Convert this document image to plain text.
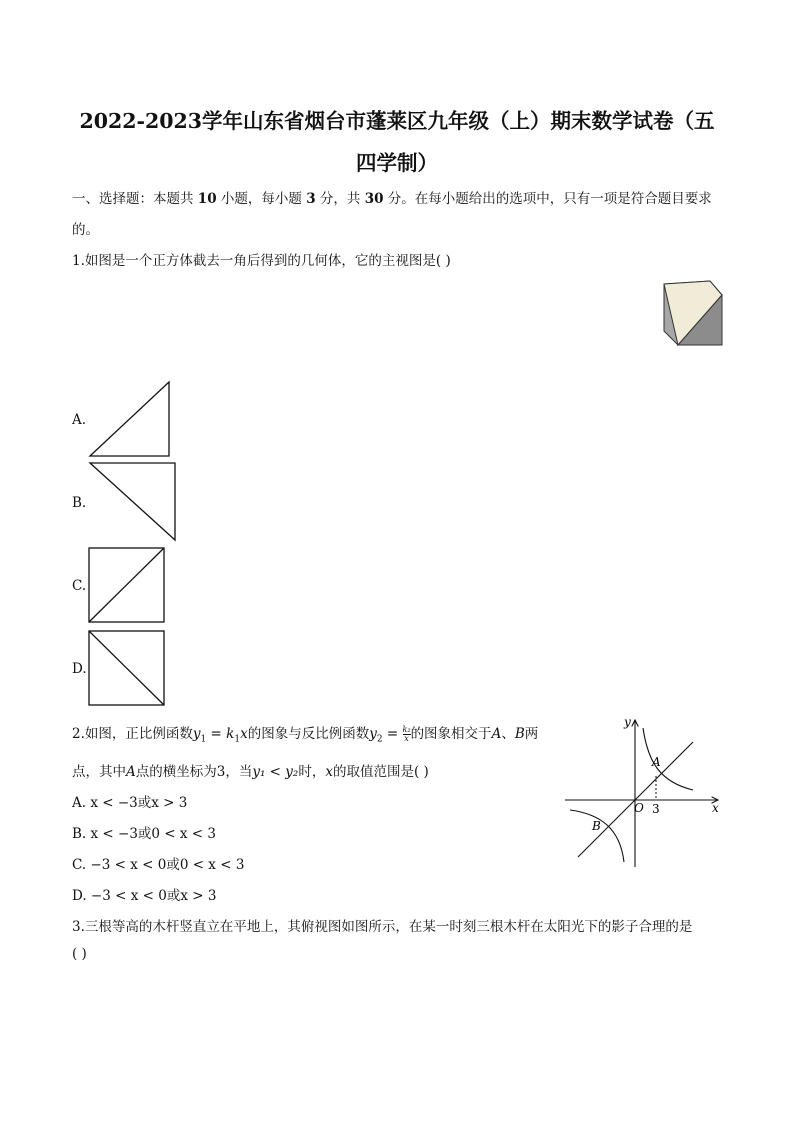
2022-2023学年山东省烟台市蓬莱区九年级（上）期末数学试卷（五
四学制）
一、选择题：本题共 10 小题，每小题 3 分，共 30 分。在每小题给出的选项中，只有一项是符合题目要求
的。
1.如图是一个正方体截去一角后得到的几何体，它的主视图是( )
A.
B.
C.
D.
2.如图，正比例函数$y_1 = k_1x$的图象与反比例函数$y_2 = \frac{\text{k₂}}{x}$ 的图象相交于A、B两
点，其中A点的横坐标为3，当y₁ < y₂时，x的取值范围是( )
A. x < −3或x > 3
B. x < −3或0 < x < 3
C. −3 < x < 0或0 < x < 3
D. −3 < x < 0或x > 3
y
x
O 3
A
B
3.三根等高的木杆竖直立在平地上，其俯视图如图所示，在某一时刻三根木杆在太阳光下的影子合理的是
( )
